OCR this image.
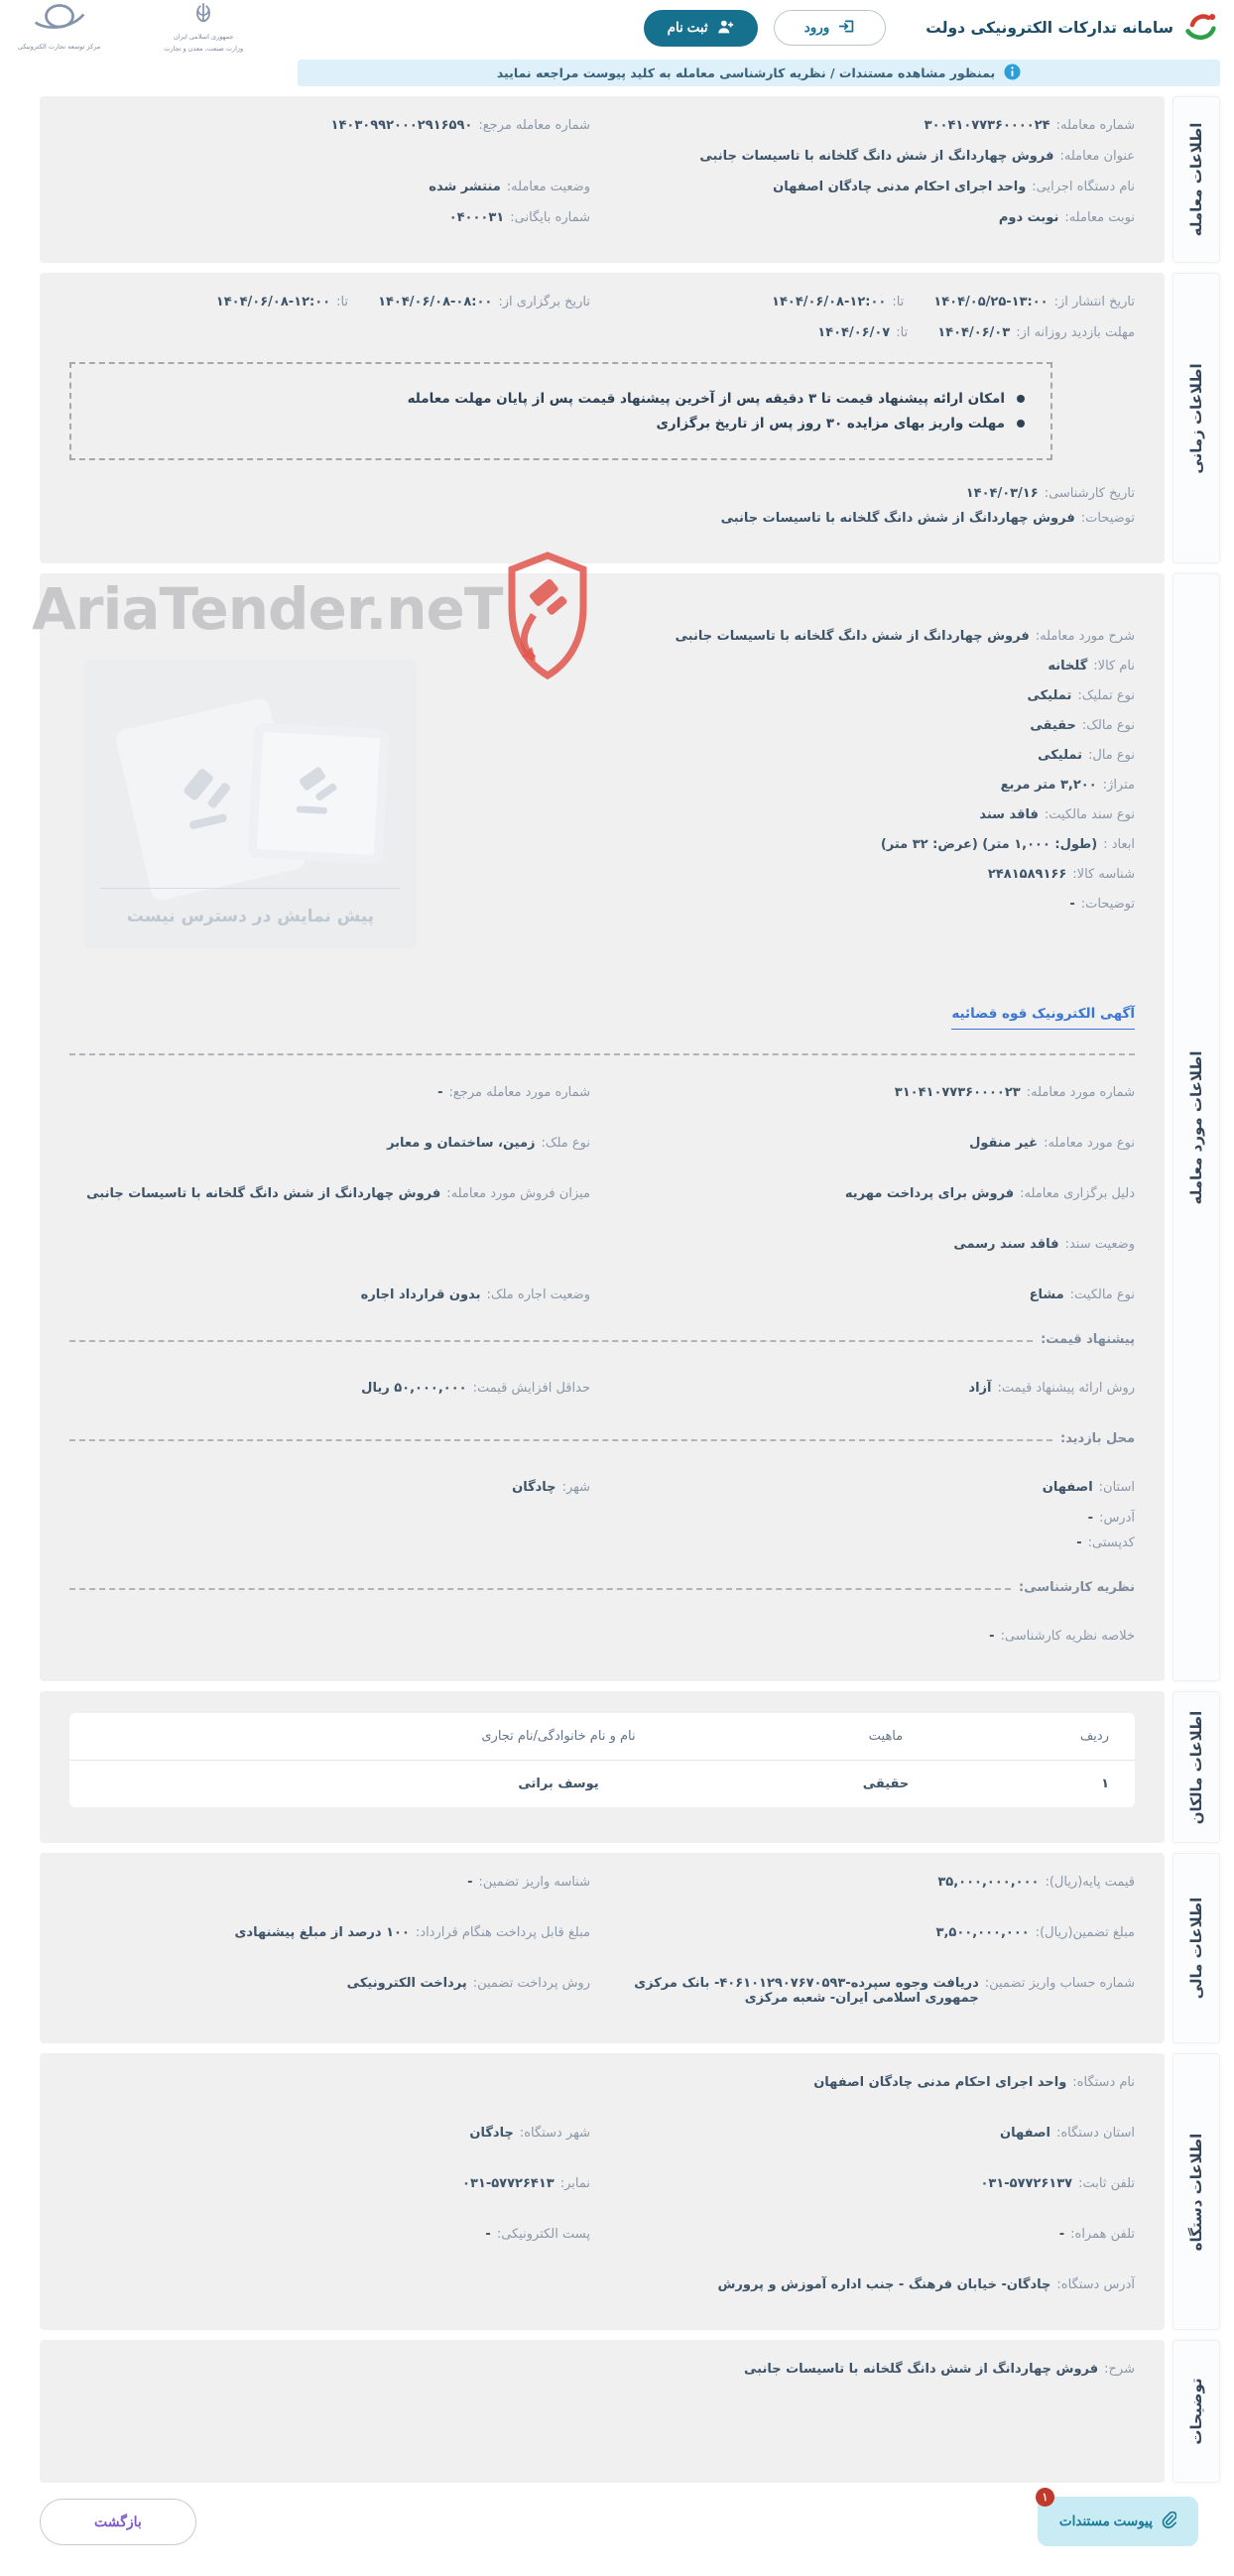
سامانه تدارکات الکترونیکی دولت
ورود
ثبت نام
مرکز توسعه تجارت الکترونیکی
جمهوری اسلامی ایران
وزارت صنعت، معدن و تجارت
بمنظور مشاهده مستندات / نظریه کارشناسی معامله به کلید پیوست مراجعه نمایید
اطلاعات معامله
شماره معامله:
۳۰۰۴۱۰۷۷۳۶۰۰۰۰۲۴
شماره معامله مرجع:
۱۴۰۳۰۹۹۲۰۰۰۲۹۱۶۵۹۰
عنوان معامله:
فروش چهاردانگ از شش دانگ گلخانه با تاسیسات جانبی
نام دستگاه اجرایی:
واحد اجرای احکام مدنی چادگان اصفهان
وضعیت معامله:
منتشر شده
نوبت معامله:
نوبت دوم
شماره بایگانی:
۰۴۰۰۰۳۱
اطلاعات زمانی
تاریخ انتشار از:
۱۴۰۴/۰۵/۲۵-۱۳:۰۰
تا:
۱۴۰۴/۰۶/۰۸-۱۲:۰۰
تاریخ برگزاری از:
۱۴۰۴/۰۶/۰۸-۰۸:۰۰
تا:
۱۴۰۴/۰۶/۰۸-۱۲:۰۰
مهلت بازدید روزانه از:
۱۴۰۴/۰۶/۰۳
تا:
۱۴۰۴/۰۶/۰۷
امکان ارائه پیشنهاد قیمت تا ۳ دقیقه پس از آخرین پیشنهاد قیمت پس از پایان مهلت معامله
مهلت واریز بهای مزایده ۳۰ روز پس از تاریخ برگزاری
تاریخ کارشناسی:
۱۴۰۴/۰۳/۱۶
توضیحات:
فروش چهاردانگ از شش دانگ گلخانه با تاسیسات جانبی
اطلاعات مورد معامله
AriaTender.neT	شرح مورد معامله:
فروش چهاردانگ از شش دانگ گلخانه با تاسیسات جانبی
نام کالا:
گلخانه
نوع تملیک:
تملیکی
نوع مالک:
حقیقی
نوع مال:
تملیکی
متراژ:
۳,۲۰۰ متر مربع
نوع سند مالکیت:
فاقد سند
ابعاد :
(طول: ۱,۰۰۰ متر) (عرض: ۳۲ متر)
شناسه کالا:
۲۴۸۱۵۸۹۱۶۶
توضیحات:
-
پیش نمایش در دسترس نیست
آگهی الکترونیک قوه قضائیه
شماره مورد معامله:
۳۱۰۴۱۰۷۷۳۶۰۰۰۰۲۳
شماره مورد معامله مرجع:
-
نوع مورد معامله:
غیر منقول
نوع ملک:
زمین، ساختمان و معابر
دلیل برگزاری معامله:
فروش برای پرداخت مهریه
میزان فروش مورد معامله:
فروش چهاردانگ از شش دانگ گلخانه با تاسیسات جانبی
وضعیت سند:
فاقد سند رسمی
نوع مالکیت:
مشاع
وضعیت اجاره ملک:
بدون قرارداد اجاره
پیشنهاد قیمت:
روش ارائه پیشنهاد قیمت:
آزاد
حداقل افزایش قیمت:
۵۰,۰۰۰,۰۰۰ ریال
محل بازدید:
استان:
اصفهان
شهر:
چادگان
آدرس:
-
کدپستی:
-
نظریه کارشناسی:
خلاصه نظریه کارشناسی:
-
اطلاعات مالکان
ردیف
ماهیت
نام و نام خانوادگی/نام تجاری
۱
حقیقی
یوسف براتی
اطلاعات مالی
قیمت پایه(ریال):
۳۵,۰۰۰,۰۰۰,۰۰۰
شناسه واریز تضمین:
-
مبلغ تضمین(ریال):
۳,۵۰۰,۰۰۰,۰۰۰
مبلغ قابل پرداخت هنگام قرارداد:
۱۰۰ درصد از مبلغ پیشنهادی
شماره حساب واریز تضمین:
دریافت وجوه سپرده-۴۰۶۱۰۱۲۹۰۷۶۷۰۵۹۳- بانک مرکزی جمهوری اسلامی ایران- شعبه مرکزی
روش پرداخت تضمین:
پرداخت الکترونیکی
اطلاعات دستگاه
نام دستگاه:
واحد اجرای احکام مدنی چادگان اصفهان
استان دستگاه:
اصفهان
شهر دستگاه:
چادگان
تلفن ثابت:
۰۳۱-۵۷۷۲۶۱۳۷
نمابر:
۰۳۱-۵۷۷۲۶۴۱۳
تلفن همراه:
-
پست الکترونیکی:
-
آدرس دستگاه:
چادگان- خیابان فرهنگ - جنب اداره آموزش و پرورش
توضیحات
شرح:
فروش چهاردانگ از شش دانگ گلخانه با تاسیسات جانبی
۱
پیوست مستندات
بازگشت
